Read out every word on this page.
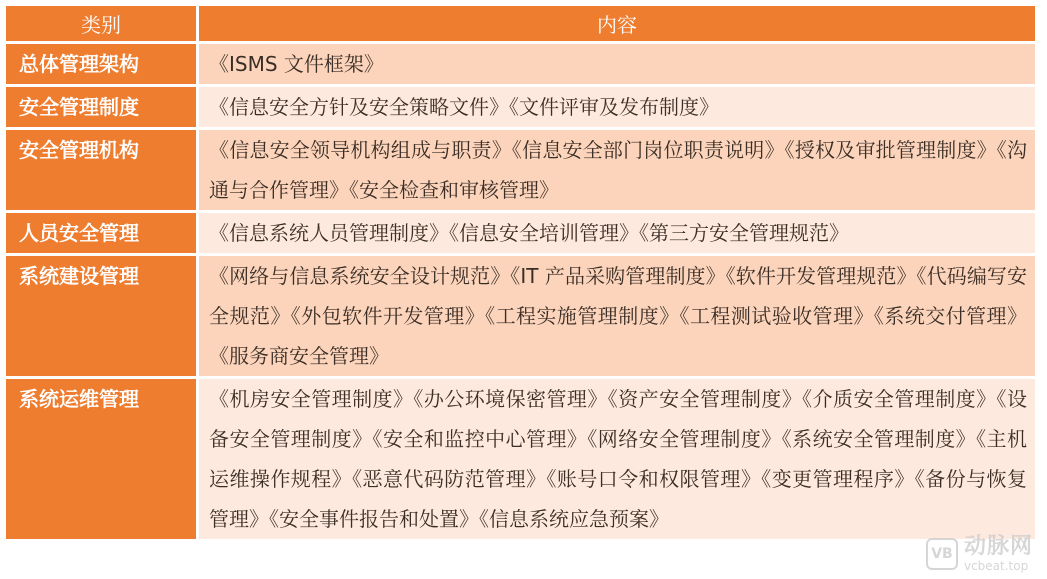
类别	内容
总体管理架构	《ISMS 文件框架》
安全管理制度	《信息安全方针及安全策略文件》《文件评审及发布制度》
安全管理机构	《信息安全领导机构组成与职责》《信息安全部门岗位职责说明》《授权及审批管理制度》《沟通与合作管理》《安全检查和审核管理》
人员安全管理	《信息系统人员管理制度》《信息安全培训管理》《第三方安全管理规范》
系统建设管理	《网络与信息系统安全设计规范》《IT 产品采购管理制度》《软件开发管理规范》《代码编写安全规范》《外包软件开发管理》《工程实施管理制度》《工程测试验收管理》《系统交付管理》《服务商安全管理》
系统运维管理	《机房安全管理制度》《办公环境保密管理》《资产安全管理制度》《介质安全管理制度》《设备安全管理制度》《安全和监控中心管理》《网络安全管理制度》《系统安全管理制度》《主机运维操作规程》《恶意代码防范管理》《账号口令和权限管理》《变更管理程序》《备份与恢复管理》《安全事件报告和处置》《信息系统应急预案》
VB 动脉网
vcbeat.top
